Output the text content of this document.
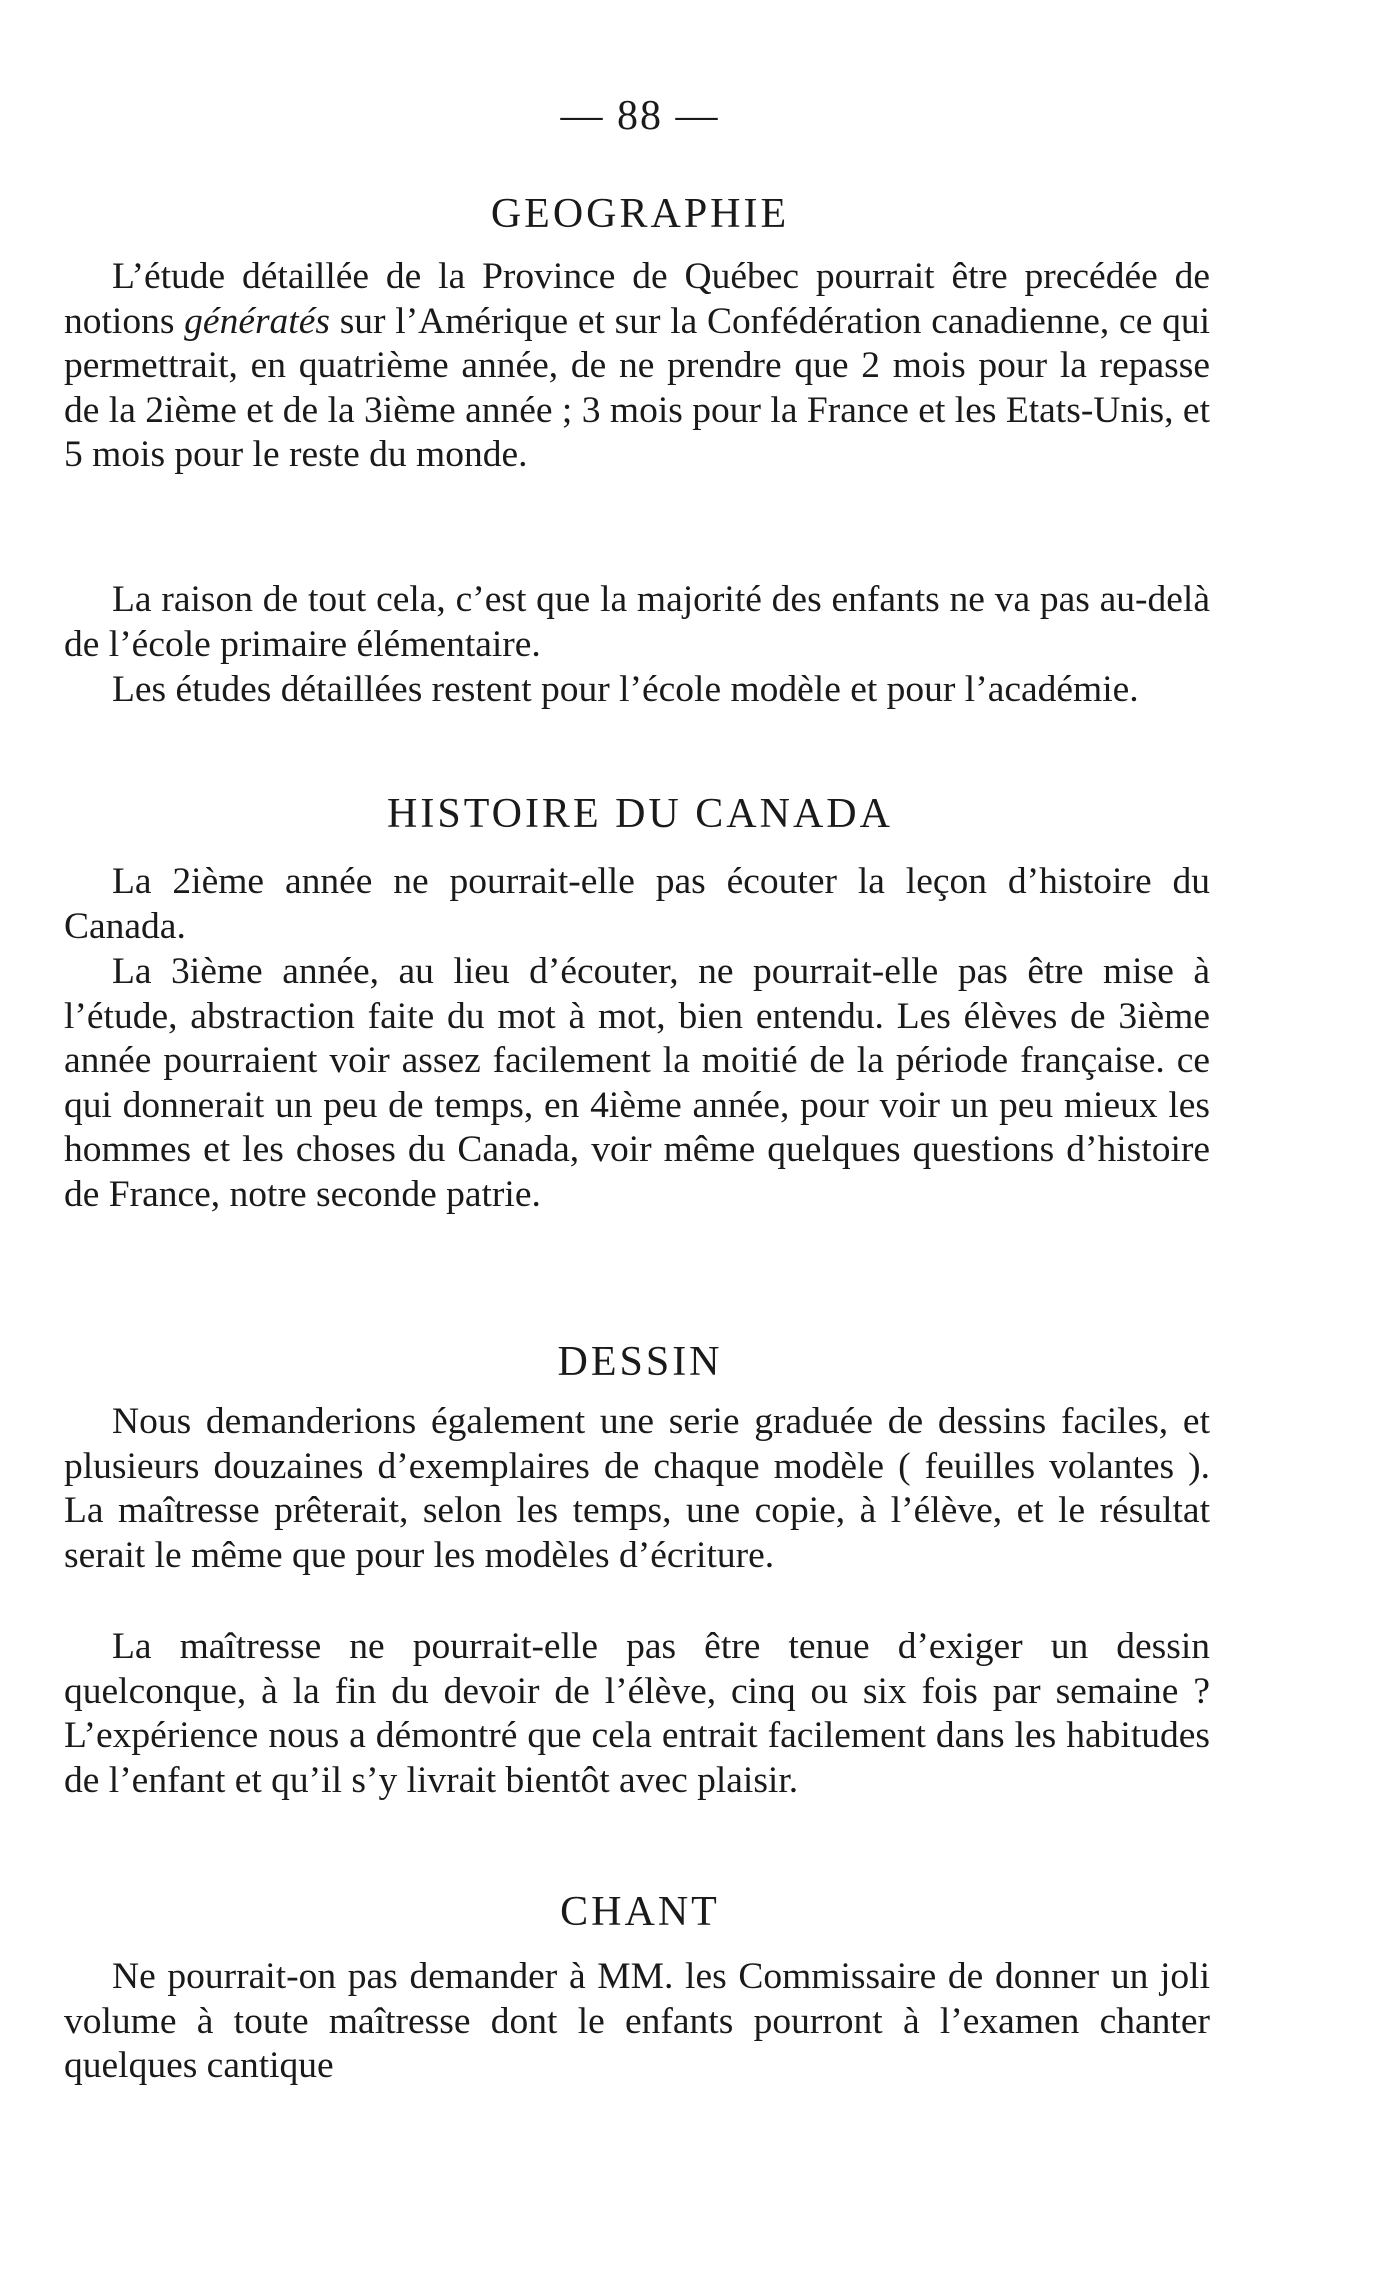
— 88 —
GEOGRAPHIE

L’étude détaillée de la Province de Québec pourrait être precédée de notions génératés sur l’Amérique et sur la Confédération canadienne, ce qui permettrait, en quatrième année, de ne prendre que 2 mois pour la repasse de la 2ième et de la 3ième année ; 3 mois pour la France et les Etats-Unis, et 5 mois pour le reste du monde.

La raison de tout cela, c’est que la majorité des enfants ne va pas au-delà de l’école primaire élémentaire.

Les études détaillées restent pour l’école modèle et pour l’académie.

HISTOIRE DU CANADA

La 2ième année ne pourrait-elle pas écouter la leçon d’histoire du Canada.

La 3ième année, au lieu d’écouter, ne pourrait-elle pas être mise à l’étude, abstraction faite du mot à mot, bien entendu. Les élèves de 3ième année pourraient voir assez facilement la moitié de la période française. ce qui donnerait un peu de temps, en 4ième année, pour voir un peu mieux les hommes et les choses du Canada, voir même quelques questions d’histoire de France, notre seconde patrie.

DESSIN

Nous demanderions également une serie graduée de dessins faciles, et plusieurs douzaines d’exemplaires de chaque modèle ( feuilles volantes ). La maîtresse prêterait, selon les temps, une copie, à l’élève, et le résultat serait le même que pour les modèles d’écriture.

La maîtresse ne pourrait-elle pas être tenue d’exiger un dessin quelconque, à la fin du devoir de l’élève, cinq ou six fois par semaine ? L’expérience nous a démontré que cela entrait facilement dans les habitudes de l’enfant et qu’il s’y livrait bientôt avec plaisir.

CHANT

Ne pourrait-on pas demander à MM. les Commissaire de donner un joli volume à toute maîtresse dont le enfants pourront à l’examen chanter quelques cantique
